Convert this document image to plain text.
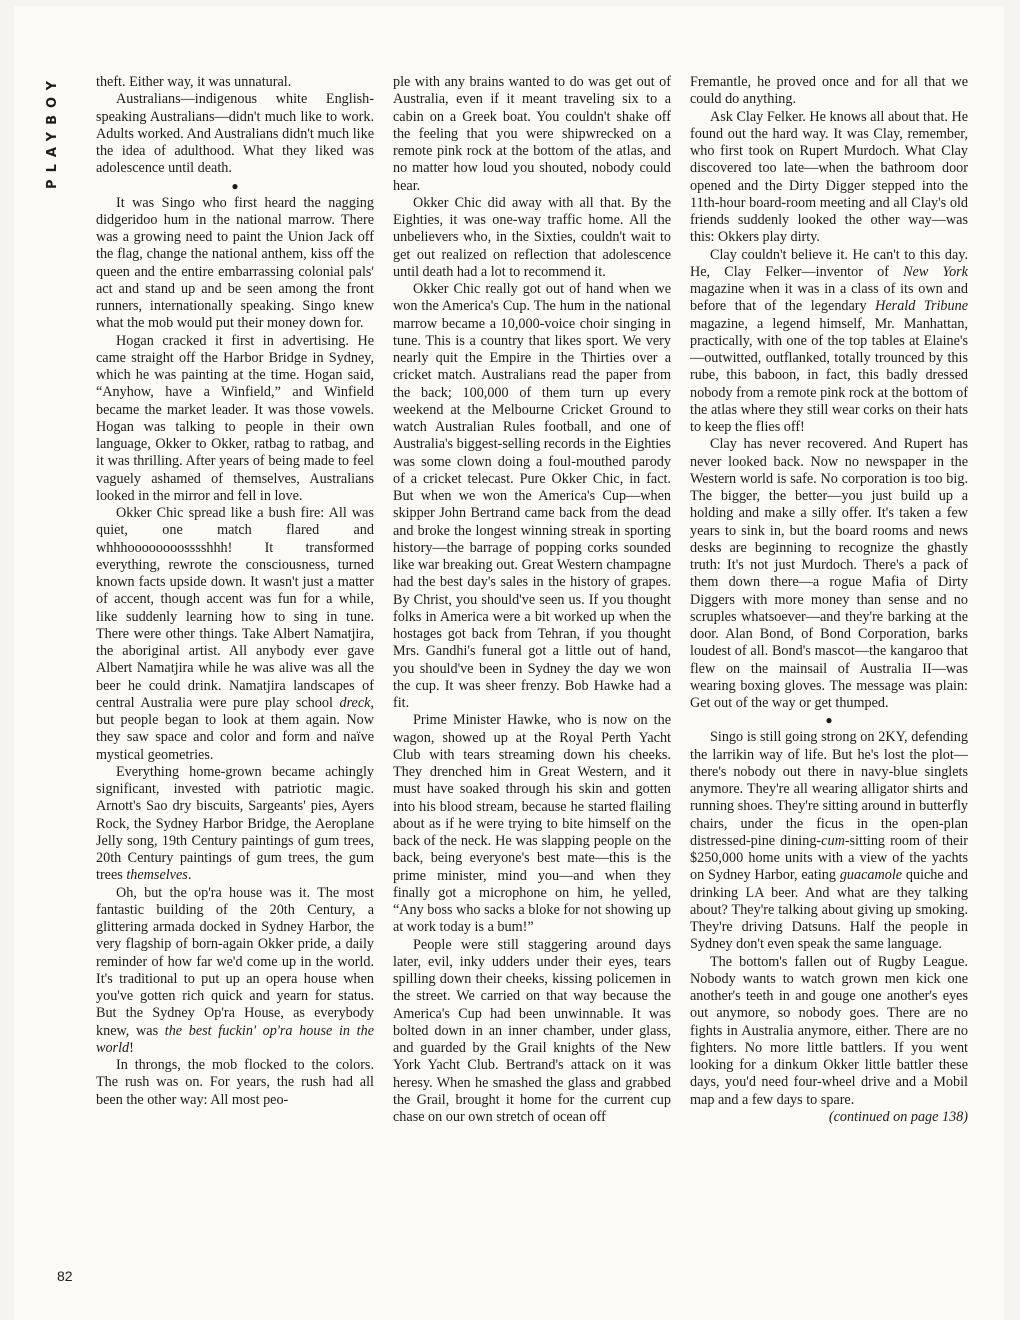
PLAYBOY	theft. Either way, it was unnatural.

Australians—indigenous white English-speaking Australians—didn't much like to work. Adults worked. And Australians didn't much like the idea of adulthood. What they liked was adolescence until death.

●

It was Singo who first heard the nagging didgeridoo hum in the national marrow. There was a growing need to paint the Union Jack off the flag, change the national anthem, kiss off the queen and the entire embarrassing colonial pals' act and stand up and be seen among the front runners, internationally speaking. Singo knew what the mob would put their money down for.

Hogan cracked it first in advertising. He came straight off the Harbor Bridge in Sydney, which he was painting at the time. Hogan said, “Anyhow, have a Winfield,” and Winfield became the market leader. It was those vowels. Hogan was talking to people in their own language, Okker to Okker, ratbag to ratbag, and it was thrilling. After years of being made to feel vaguely ashamed of themselves, Australians looked in the mirror and fell in love.

Okker Chic spread like a bush fire: All was quiet, one match flared and whhhoooooooosssshhh! It transformed everything, rewrote the consciousness, turned known facts upside down. It wasn't just a matter of accent, though accent was fun for a while, like suddenly learning how to sing in tune. There were other things. Take Albert Namatjira, the aboriginal artist. All anybody ever gave Albert Namatjira while he was alive was all the beer he could drink. Namatjira landscapes of central Australia were pure play school dreck, but people began to look at them again. Now they saw space and color and form and naïve mystical geometries.

Everything home-grown became achingly significant, invested with patriotic magic. Arnott's Sao dry biscuits, Sargeants' pies, Ayers Rock, the Sydney Harbor Bridge, the Aeroplane Jelly song, 19th Century paintings of gum trees, 20th Century paintings of gum trees, the gum trees themselves.

Oh, but the op'ra house was it. The most fantastic building of the 20th Century, a glittering armada docked in Sydney Harbor, the very flagship of born-again Okker pride, a daily reminder of how far we'd come up in the world. It's traditional to put up an opera house when you've gotten rich quick and yearn for status. But the Sydney Op'ra House, as everybody knew, was the best fuckin' op'ra house in the world!

In throngs, the mob flocked to the colors. The rush was on. For years, the rush had all been the other way: All most peo-

ple with any brains wanted to do was get out of Australia, even if it meant traveling six to a cabin on a Greek boat. You couldn't shake off the feeling that you were shipwrecked on a remote pink rock at the bottom of the atlas, and no matter how loud you shouted, nobody could hear.

Okker Chic did away with all that. By the Eighties, it was one-way traffic home. All the unbelievers who, in the Sixties, couldn't wait to get out realized on reflection that adolescence until death had a lot to recommend it.

Okker Chic really got out of hand when we won the America's Cup. The hum in the national marrow became a 10,000-voice choir singing in tune. This is a country that likes sport. We very nearly quit the Empire in the Thirties over a cricket match. Australians read the paper from the back; 100,000 of them turn up every weekend at the Melbourne Cricket Ground to watch Australian Rules football, and one of Australia's biggest-selling records in the Eighties was some clown doing a foul-mouthed parody of a cricket telecast. Pure Okker Chic, in fact. But when we won the America's Cup—when skipper John Bertrand came back from the dead and broke the longest winning streak in sporting history—the barrage of popping corks sounded like war breaking out. Great Western champagne had the best day's sales in the history of grapes. By Christ, you should've seen us. If you thought folks in America were a bit worked up when the hostages got back from Tehran, if you thought Mrs. Gandhi's funeral got a little out of hand, you should've been in Sydney the day we won the cup. It was sheer frenzy. Bob Hawke had a fit.

Prime Minister Hawke, who is now on the wagon, showed up at the Royal Perth Yacht Club with tears streaming down his cheeks. They drenched him in Great Western, and it must have soaked through his skin and gotten into his blood stream, because he started flailing about as if he were trying to bite himself on the back of the neck. He was slapping people on the back, being everyone's best mate—this is the prime minister, mind you—and when they finally got a microphone on him, he yelled, “Any boss who sacks a bloke for not showing up at work today is a bum!”

People were still staggering around days later, evil, inky udders under their eyes, tears spilling down their cheeks, kissing policemen in the street. We carried on that way because the America's Cup had been unwinnable. It was bolted down in an inner chamber, under glass, and guarded by the Grail knights of the New York Yacht Club. Bertrand's attack on it was heresy. When he smashed the glass and grabbed the Grail, brought it home for the current cup chase on our own stretch of ocean off

Fremantle, he proved once and for all that we could do anything.

Ask Clay Felker. He knows all about that. He found out the hard way. It was Clay, remember, who first took on Rupert Murdoch. What Clay discovered too late—when the bathroom door opened and the Dirty Digger stepped into the 11th-hour board-room meeting and all Clay's old friends suddenly looked the other way—was this: Okkers play dirty.

Clay couldn't believe it. He can't to this day. He, Clay Felker—inventor of New York magazine when it was in a class of its own and before that of the legendary Herald Tribune magazine, a legend himself, Mr. Manhattan, practically, with one of the top tables at Elaine's—outwitted, outflanked, totally trounced by this rube, this baboon, in fact, this badly dressed nobody from a remote pink rock at the bottom of the atlas where they still wear corks on their hats to keep the flies off!

Clay has never recovered. And Rupert has never looked back. Now no newspaper in the Western world is safe. No corporation is too big. The bigger, the better—you just build up a holding and make a silly offer. It's taken a few years to sink in, but the board rooms and news desks are beginning to recognize the ghastly truth: It's not just Murdoch. There's a pack of them down there—a rogue Mafia of Dirty Diggers with more money than sense and no scruples whatsoever—and they're barking at the door. Alan Bond, of Bond Corporation, barks loudest of all. Bond's mascot—the kangaroo that flew on the mainsail of Australia II—was wearing boxing gloves. The message was plain: Get out of the way or get thumped.

●

Singo is still going strong on 2KY, defending the larrikin way of life. But he's lost the plot—there's nobody out there in navy-blue singlets anymore. They're all wearing alligator shirts and running shoes. They're sitting around in butterfly chairs, under the ficus in the open-plan distressed-pine dining-cum-sitting room of their $250,000 home units with a view of the yachts on Sydney Harbor, eating guacamole quiche and drinking LA beer. And what are they talking about? They're talking about giving up smoking. They're driving Datsuns. Half the people in Sydney don't even speak the same language.

The bottom's fallen out of Rugby League. Nobody wants to watch grown men kick one another's teeth in and gouge one another's eyes out anymore, so nobody goes. There are no fights in Australia anymore, either. There are no fighters. No more little battlers. If you went looking for a dinkum Okker little battler these days, you'd need four-wheel drive and a Mobil map and a few days to spare.

(continued on page 138)

82
